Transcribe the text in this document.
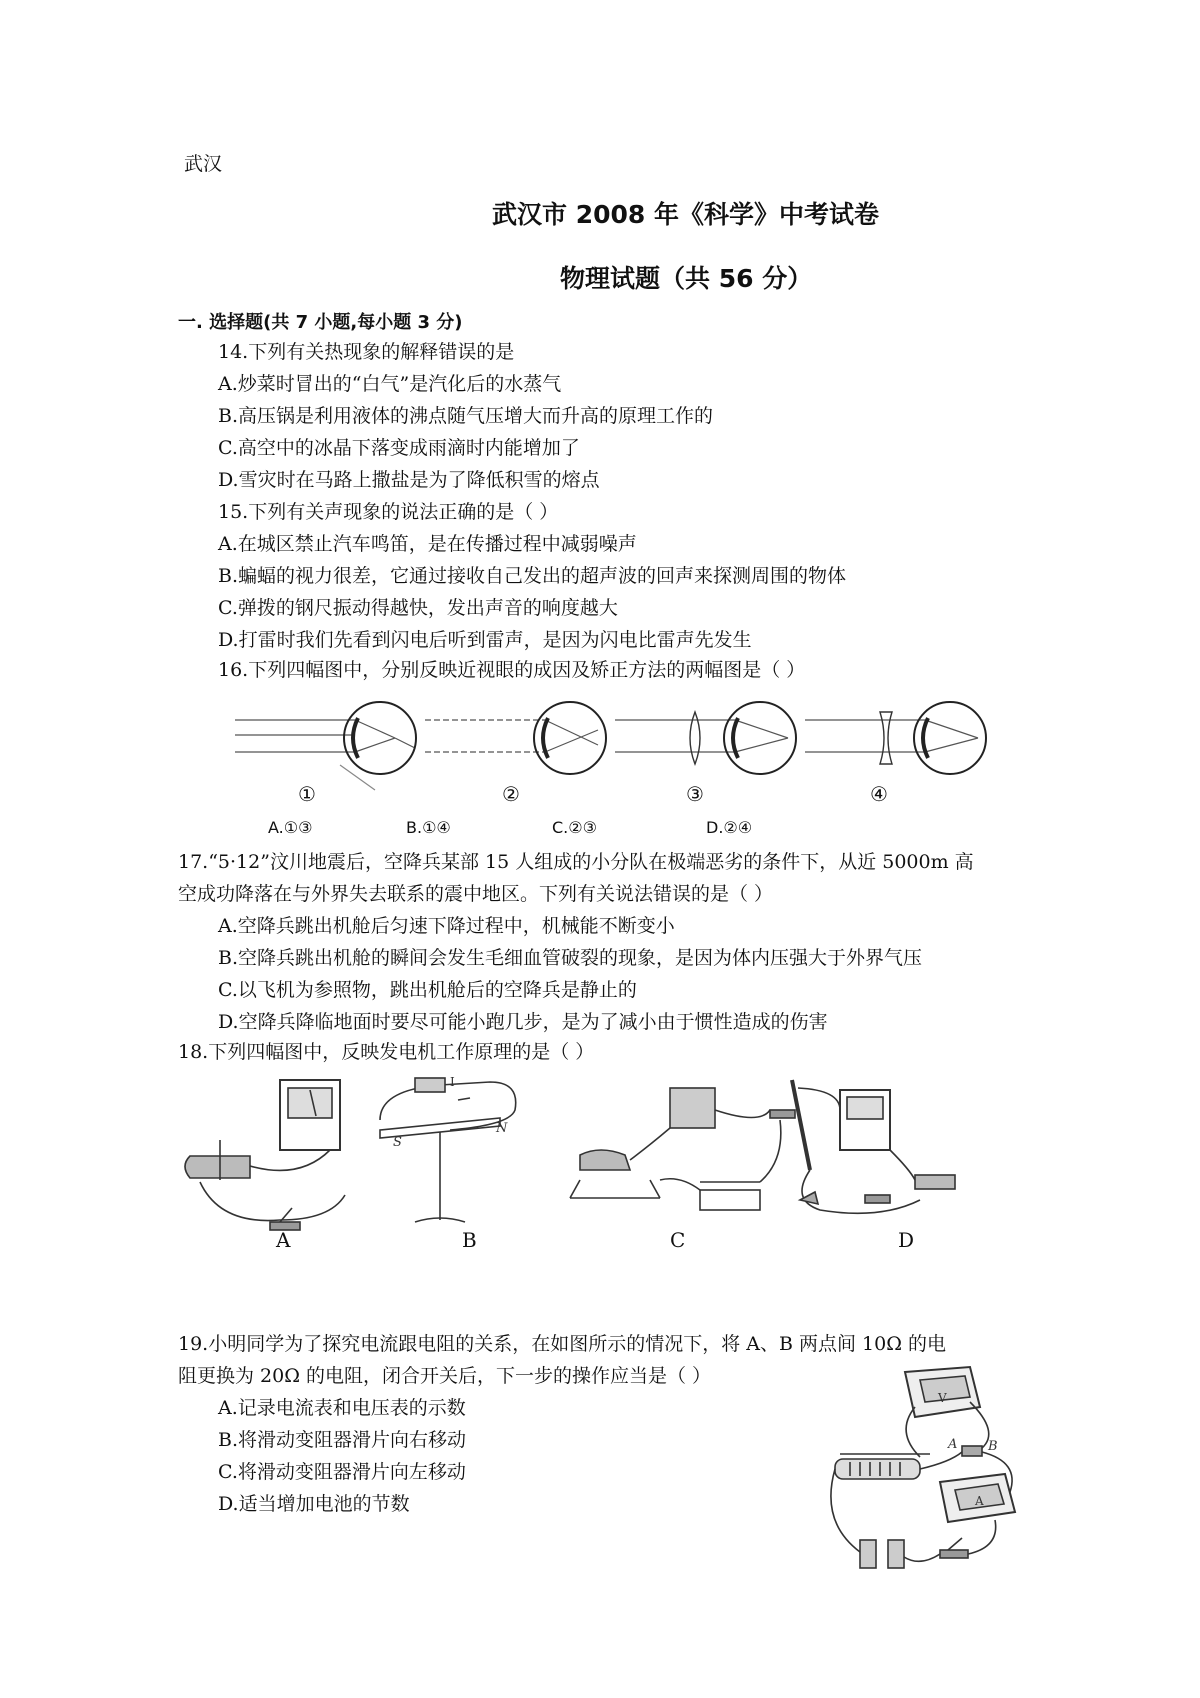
武汉
武汉市 2008 年《科学》中考试卷
物理试题（共 56 分）
一. 选择题(共 7 小题,每小题 3 分)
14.下列有关热现象的解释错误的是
A.炒菜时冒出的“白气”是汽化后的水蒸气
B.高压锅是利用液体的沸点随气压增大而升高的原理工作的
C.高空中的冰晶下落变成雨滴时内能增加了
D.雪灾时在马路上撒盐是为了降低积雪的熔点
15.下列有关声现象的说法正确的是（ ）
A.在城区禁止汽车鸣笛，是在传播过程中减弱噪声
B.蝙蝠的视力很差，它通过接收自己发出的超声波的回声来探测周围的物体
C.弹拨的钢尺振动得越快，发出声音的响度越大
D.打雷时我们先看到闪电后听到雷声，是因为闪电比雷声先发生
16.下列四幅图中，分别反映近视眼的成因及矫正方法的两幅图是（ ）
①	②	③	④
A.①③	B.①④	C.②③	D.②④
17.“5·12”汶川地震后，空降兵某部 15 人组成的小分队在极端恶劣的条件下，从近 5000m 高
空成功降落在与外界失去联系的震中地区。下列有关说法错误的是（ ）
A.空降兵跳出机舱后匀速下降过程中，机械能不断变小
B.空降兵跳出机舱的瞬间会发生毛细血管破裂的现象，是因为体内压强大于外界气压
C.以飞机为参照物，跳出机舱后的空降兵是静止的
D.空降兵降临地面时要尽可能小跑几步，是为了减小由于惯性造成的伤害
18.下列四幅图中，反映发电机工作原理的是（ ）
I
S
N
A	B	C	D
19.小明同学为了探究电流跟电阻的关系，在如图所示的情况下，将 A、B 两点间 10Ω 的电
阻更换为 20Ω 的电阻，闭合开关后，下一步的操作应当是（ ）
A.记录电流表和电压表的示数
B.将滑动变阻器滑片向右移动
C.将滑动变阻器滑片向左移动
D.适当增加电池的节数
V
A
A B
